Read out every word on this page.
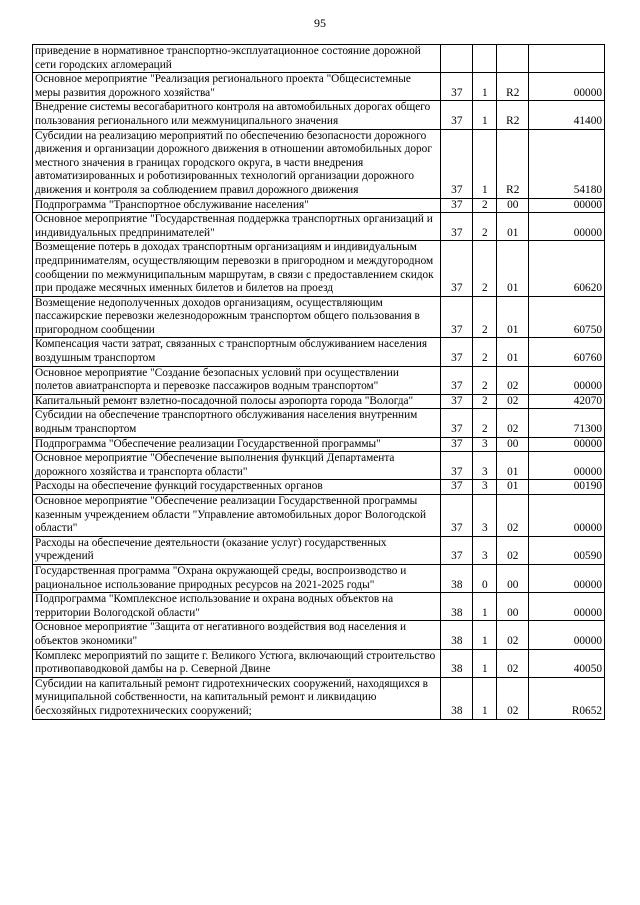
95
приведение в нормативное транспортно-эксплуатационное состояние дорожной сети городских агломераций				
Основное мероприятие "Реализация регионального проекта "Общесистемные меры развития дорожного хозяйства"	37	1	R2	00000
Внедрение системы весогабаритного контроля на автомобильных дорогах общего пользования регионального или межмуниципального значения	37	1	R2	41400
Субсидии на реализацию мероприятий по обеспечению безопасности дорожного движения и организации дорожного движения в отношении автомобильных дорог местного значения в границах городского округа, в части внедрения автоматизированных и роботизированных технологий организации дорожного движения и контроля за соблюдением правил дорожного движения	37	1	R2	54180
Подпрограмма "Транспортное обслуживание населения"	37	2	00	00000
Основное мероприятие "Государственная поддержка транспортных организаций и индивидуальных предпринимателей"	37	2	01	00000
Возмещение потерь в доходах транспортным организациям и индивидуальным предпринимателям, осуществляющим перевозки в пригородном и междугородном сообщении по межмуниципальным маршрутам, в связи с предоставлением скидок при продаже месячных именных билетов и билетов на проезд	37	2	01	60620
Возмещение недополученных доходов организациям, осуществляющим пассажирские перевозки железнодорожным транспортом общего пользования в пригородном сообщении	37	2	01	60750
Компенсация части затрат, связанных с транспортным обслуживанием населения воздушным транспортом	37	2	01	60760
Основное мероприятие "Создание безопасных условий при осуществлении полетов авиатранспорта и перевозке пассажиров водным транспортом"	37	2	02	00000
Капитальный ремонт взлетно-посадочной полосы аэропорта города "Вологда"	37	2	02	42070
Субсидии на обеспечение транспортного обслуживания населения внутренним водным транспортом	37	2	02	71300
Подпрограмма "Обеспечение реализации Государственной программы"	37	3	00	00000
Основное мероприятие "Обеспечение выполнения функций Департамента дорожного хозяйства и транспорта области"	37	3	01	00000
Расходы на обеспечение функций государственных органов	37	3	01	00190
Основное мероприятие "Обеспечение реализации Государственной программы казенным учреждением области "Управление автомобильных дорог Вологодской области"	37	3	02	00000
Расходы на обеспечение деятельности (оказание услуг) государственных учреждений	37	3	02	00590
Государственная программа "Охрана окружающей среды, воспроизводство и рациональное использование природных ресурсов на 2021-2025 годы"	38	0	00	00000
Подпрограмма "Комплексное использование и охрана водных объектов на территории Вологодской области"	38	1	00	00000
Основное мероприятие "Защита от негативного воздействия вод населения и объектов экономики"	38	1	02	00000
Комплекс мероприятий по защите г. Великого Устюга, включающий строительство противопаводковой дамбы на р. Северной Двине	38	1	02	40050
Субсидии на капитальный ремонт гидротехнических сооружений, находящихся в муниципальной собственности, на капитальный ремонт и ликвидацию бесхозяйных гидротехнических сооружений;	38	1	02	R0652
